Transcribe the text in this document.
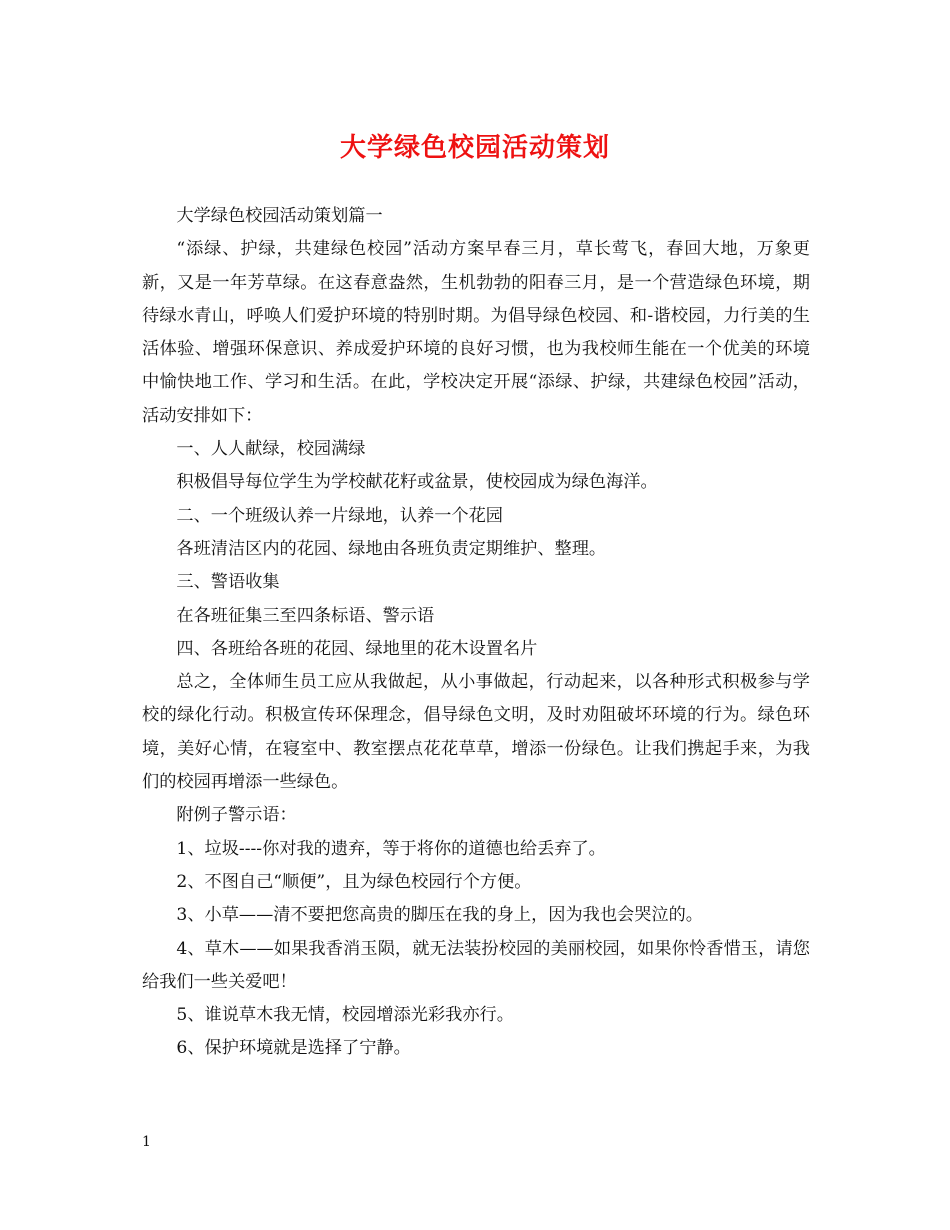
大学绿色校园活动策划

大学绿色校园活动策划篇一

“添绿、护绿，共建绿色校园”活动方案早春三月，草长莺飞，春回大地，万象更新，又是一年芳草绿。在这春意盎然，生机勃勃的阳春三月，是一个营造绿色环境，期待绿水青山，呼唤人们爱护环境的特别时期。为倡导绿色校园、和-谐校园，力行美的生活体验、增强环保意识、养成爱护环境的良好习惯，也为我校师生能在一个优美的环境中愉快地工作、学习和生活。在此，学校决定开展“添绿、护绿，共建绿色校园”活动，活动安排如下：

一、人人献绿，校园满绿

积极倡导每位学生为学校献花籽或盆景，使校园成为绿色海洋。

二、一个班级认养一片绿地，认养一个花园

各班清洁区内的花园、绿地由各班负责定期维护、整理。

三、警语收集

在各班征集三至四条标语、警示语

四、各班给各班的花园、绿地里的花木设置名片

总之，全体师生员工应从我做起，从小事做起，行动起来，以各种形式积极参与学校的绿化行动。积极宣传环保理念，倡导绿色文明，及时劝阻破坏环境的行为。绿色环境，美好心情，在寝室中、教室摆点花花草草，增添一份绿色。让我们携起手来，为我们的校园再增添一些绿色。

附例子警示语：

1、垃圾----你对我的遗弃，等于将你的道德也给丢弃了。

2、不图自己“顺便”，且为绿色校园行个方便。

3、小草——清不要把您高贵的脚压在我的身上，因为我也会哭泣的。

4、草木——如果我香消玉陨，就无法装扮校园的美丽校园，如果你怜香惜玉，请您给我们一些关爱吧！

5、谁说草木我无情，校园增添光彩我亦行。

6、保护环境就是选择了宁静。

1
